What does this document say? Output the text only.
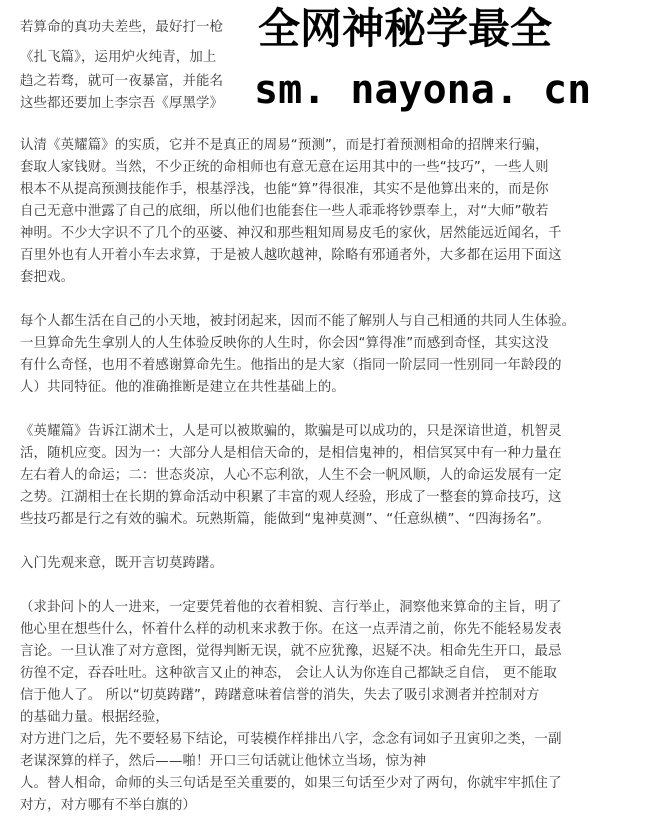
若算命的真功夫差些，最好打一枪
《扎飞篇》，运用炉火纯青，加上
趋之若骛，就可一夜暴富，并能名
这些都还要加上李宗吾《厚黑学》
认清《英耀篇》的实质，它并不是真正的周易“预测”，而是打着预测相命的招牌来行骗，
套取人家钱财。当然，不少正统的命相师也有意无意在运用其中的一些“技巧”，一些人则
根本不从提高预测技能作手，根基浮浅，也能“算”得很准，其实不是他算出来的，而是你
自己无意中泄露了自己的底细，所以他们也能套住一些人乖乖将钞票奉上，对“大师”敬若
神明。不少大字识不了几个的巫婆、神汉和那些粗知周易皮毛的家伙，居然能远近闻名，千
百里外也有人开着小车去求算，于是被人越吹越神，除略有邪通者外，大多都在运用下面这
套把戏。
每个人都生活在自己的小天地，被封闭起来，因而不能了解别人与自己相通的共同人生体验。
一旦算命先生拿别人的人生体验反映你的人生时，你会因“算得准”而感到奇怪，其实这没
有什么奇怪，也用不着感谢算命先生。他指出的是大家（指同一阶层同一性别同一年龄段的
人）共同特征。他的准确推断是建立在共性基础上的。
《英耀篇》告诉江湖术士，人是可以被欺骗的，欺骗是可以成功的，只是深谙世道，机智灵
活，随机应变。因为一：大部分人是相信天命的，是相信鬼神的，相信冥冥中有一种力量在
左右着人的命运；二：世态炎凉，人心不忘利欲，人生不会一帆风顺，人的命运发展有一定
之势。江湖相士在长期的算命活动中积累了丰富的观人经验，形成了一整套的算命技巧，这
些技巧都是行之有效的骗术。玩熟斯篇，能做到“鬼神莫测”、“任意纵横”、“四海扬名”。
入门先观来意，既开言切莫踌躇。
（求卦问卜的人一进来，一定要凭着他的衣着相貌、言行举止，洞察他来算命的主旨，明了
他心里在想些什么，怀着什么样的动机来求教于你。在这一点弄清之前，你先不能轻易发表
言论。一旦认准了对方意图，觉得判断无误，就不应犹豫，迟疑不决。相命先生开口，最忌
彷徨不定，吞吞吐吐。这种欲言又止的神态， 会让人认为你连自己都缺乏自信， 更不能取
信于他人了。 所以“切莫踌躇”，踌躇意味着信誉的消失，失去了吸引求测者并控制对方
的基础力量。根据经验，
对方进门之后，先不要轻易下结论，可装模作样排出八字，念念有词如子丑寅卯之类，一副
老谋深算的样子，然后——啪！开口三句话就让他怵立当场，惊为神
人。替人相命，命师的头三句话是至关重要的，如果三句话至少对了两句，你就牢牢抓住了
对方，对方哪有不举白旗的）
全网神秘学最全
sm. nayona. cn
